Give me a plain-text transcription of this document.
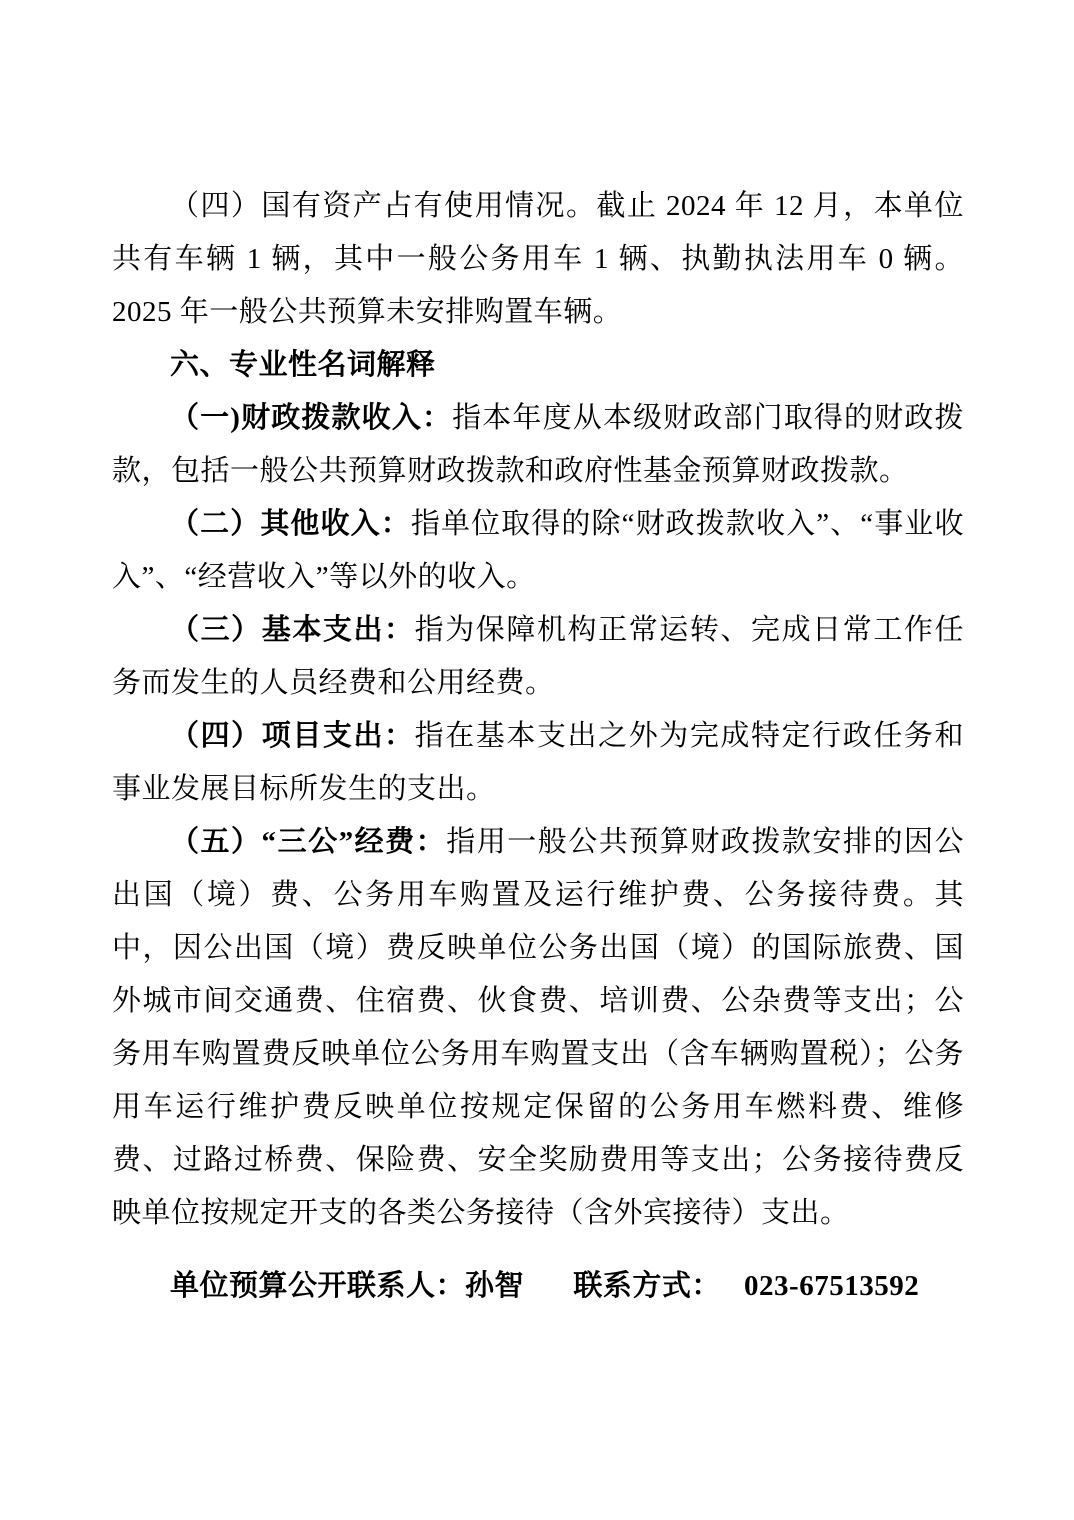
（四）国有资产占有使用情况。截止 2024 年 12 月，本单位共有车辆 1 辆，其中一般公务用车 1 辆、执勤执法用车 0 辆。2025 年一般公共预算未安排购置车辆。

六、专业性名词解释

（一)财政拨款收入：指本年度从本级财政部门取得的财政拨款，包括一般公共预算财政拨款和政府性基金预算财政拨款。

（二）其他收入：指单位取得的除“财政拨款收入”、“事业收入”、“经营收入”等以外的收入。

（三）基本支出：指为保障机构正常运转、完成日常工作任务而发生的人员经费和公用经费。

（四）项目支出：指在基本支出之外为完成特定行政任务和事业发展目标所发生的支出。

（五）“三公”经费：指用一般公共预算财政拨款安排的因公出国（境）费、公务用车购置及运行维护费、公务接待费。其中，因公出国（境）费反映单位公务出国（境）的国际旅费、国外城市间交通费、住宿费、伙食费、培训费、公杂费等支出；公务用车购置费反映单位公务用车购置支出（含车辆购置税）；公务用车运行维护费反映单位按规定保留的公务用车燃料费、维修费、过路过桥费、保险费、安全奖励费用等支出；公务接待费反映单位按规定开支的各类公务接待（含外宾接待）支出。

单位预算公开联系人：孙智 联系方式： 023-67513592
